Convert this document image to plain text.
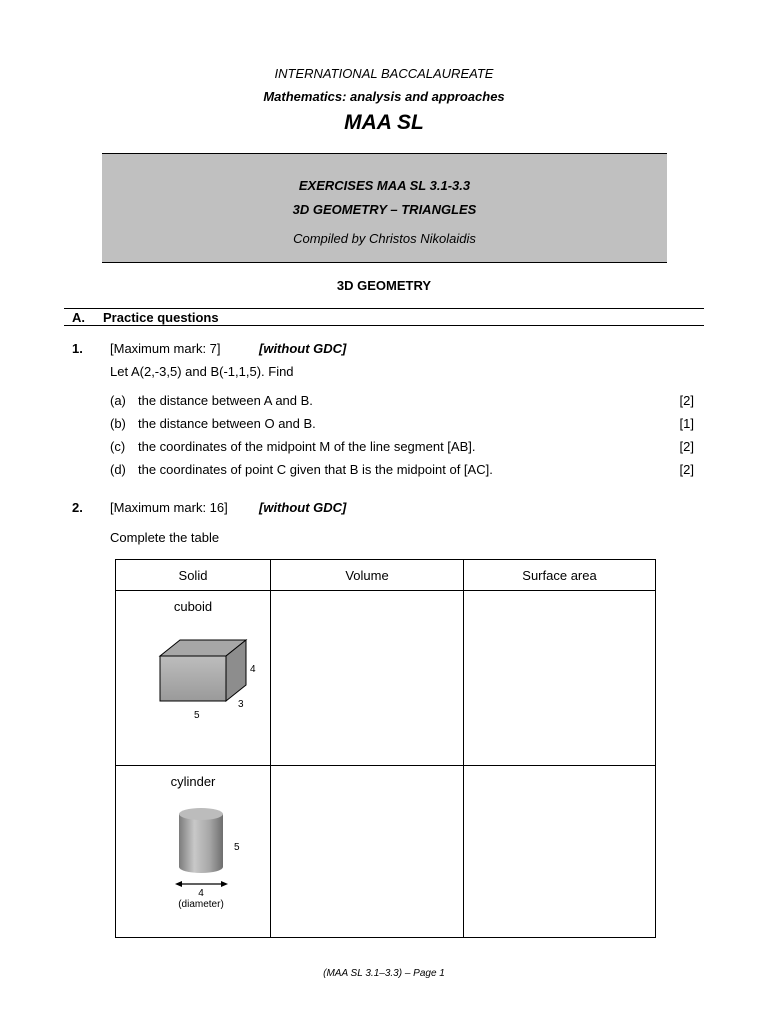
INTERNATIONAL BACCALAUREATE
Mathematics: analysis and approaches
MAA SL
EXERCISES MAA SL 3.1-3.3
3D GEOMETRY – TRIANGLES
Compiled by Christos Nikolaidis
3D GEOMETRY
A. Practice questions
1. [Maximum mark: 7]	[without GDC]
Let A(2,-3,5) and B(-1,1,5). Find
(a) the distance between A and B.	[2]
(b) the distance between O and B.	[1]
(c) the coordinates of the midpoint M of the line segment [AB].	[2]
(d) the coordinates of point C given that B is the midpoint of [AC].	[2]
2. [Maximum mark: 16] [without GDC]
Complete the table
Solid	Volume	Surface area

cuboid
4
3
5		

cylinder
5
4
(diameter)		

(MAA SL 3.1–3.3) – Page 1
